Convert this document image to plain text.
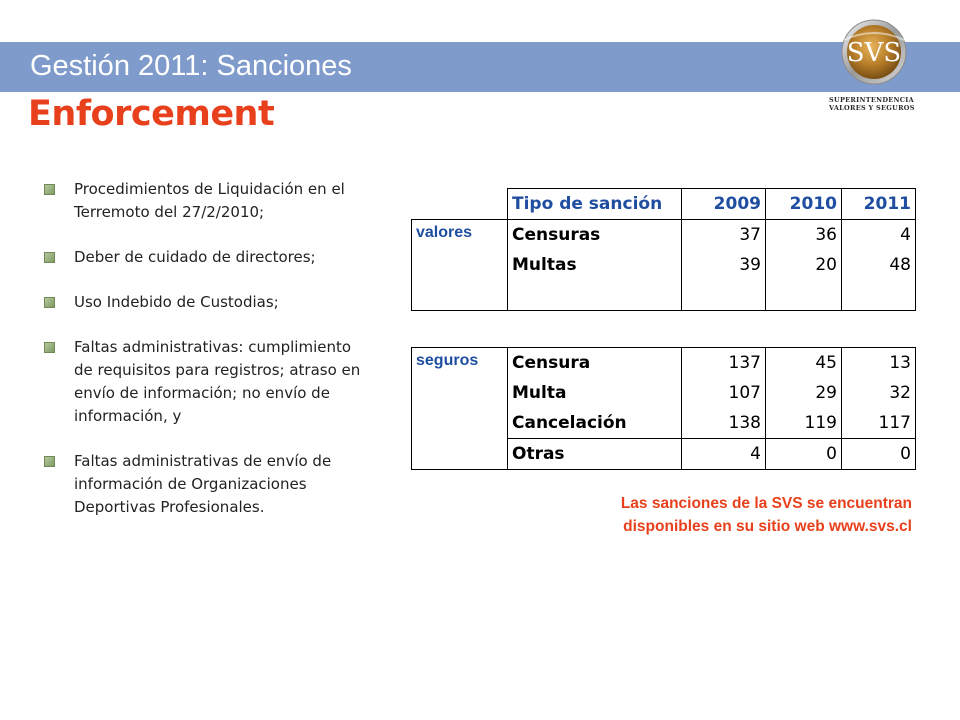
Gestión 2011: Sanciones	SVS
SUPERINTENDENCIA
VALORES Y SEGUROS
Enforcement
Procedimientos de Liquidación en el Terremoto del 27/2/2010;
Deber de cuidado de directores;
Uso Indebido de Custodias;
Faltas administrativas: cumplimiento de requisitos para registros; atraso en envío de información; no envío de información, y
Faltas administrativas de envío de información de Organizaciones Deportivas Profesionales.
	Tipo de sanción	2009	2010	2011
valores	Censuras	37	36	4
	Multas	39	20	48

seguros	Censura	137	45	13
	Multa	107	29	32
	Cancelación	138	119	117
	Otras	4	0	0
Las sanciones de la SVS se encuentran disponibles en su sitio web www.svs.cl
